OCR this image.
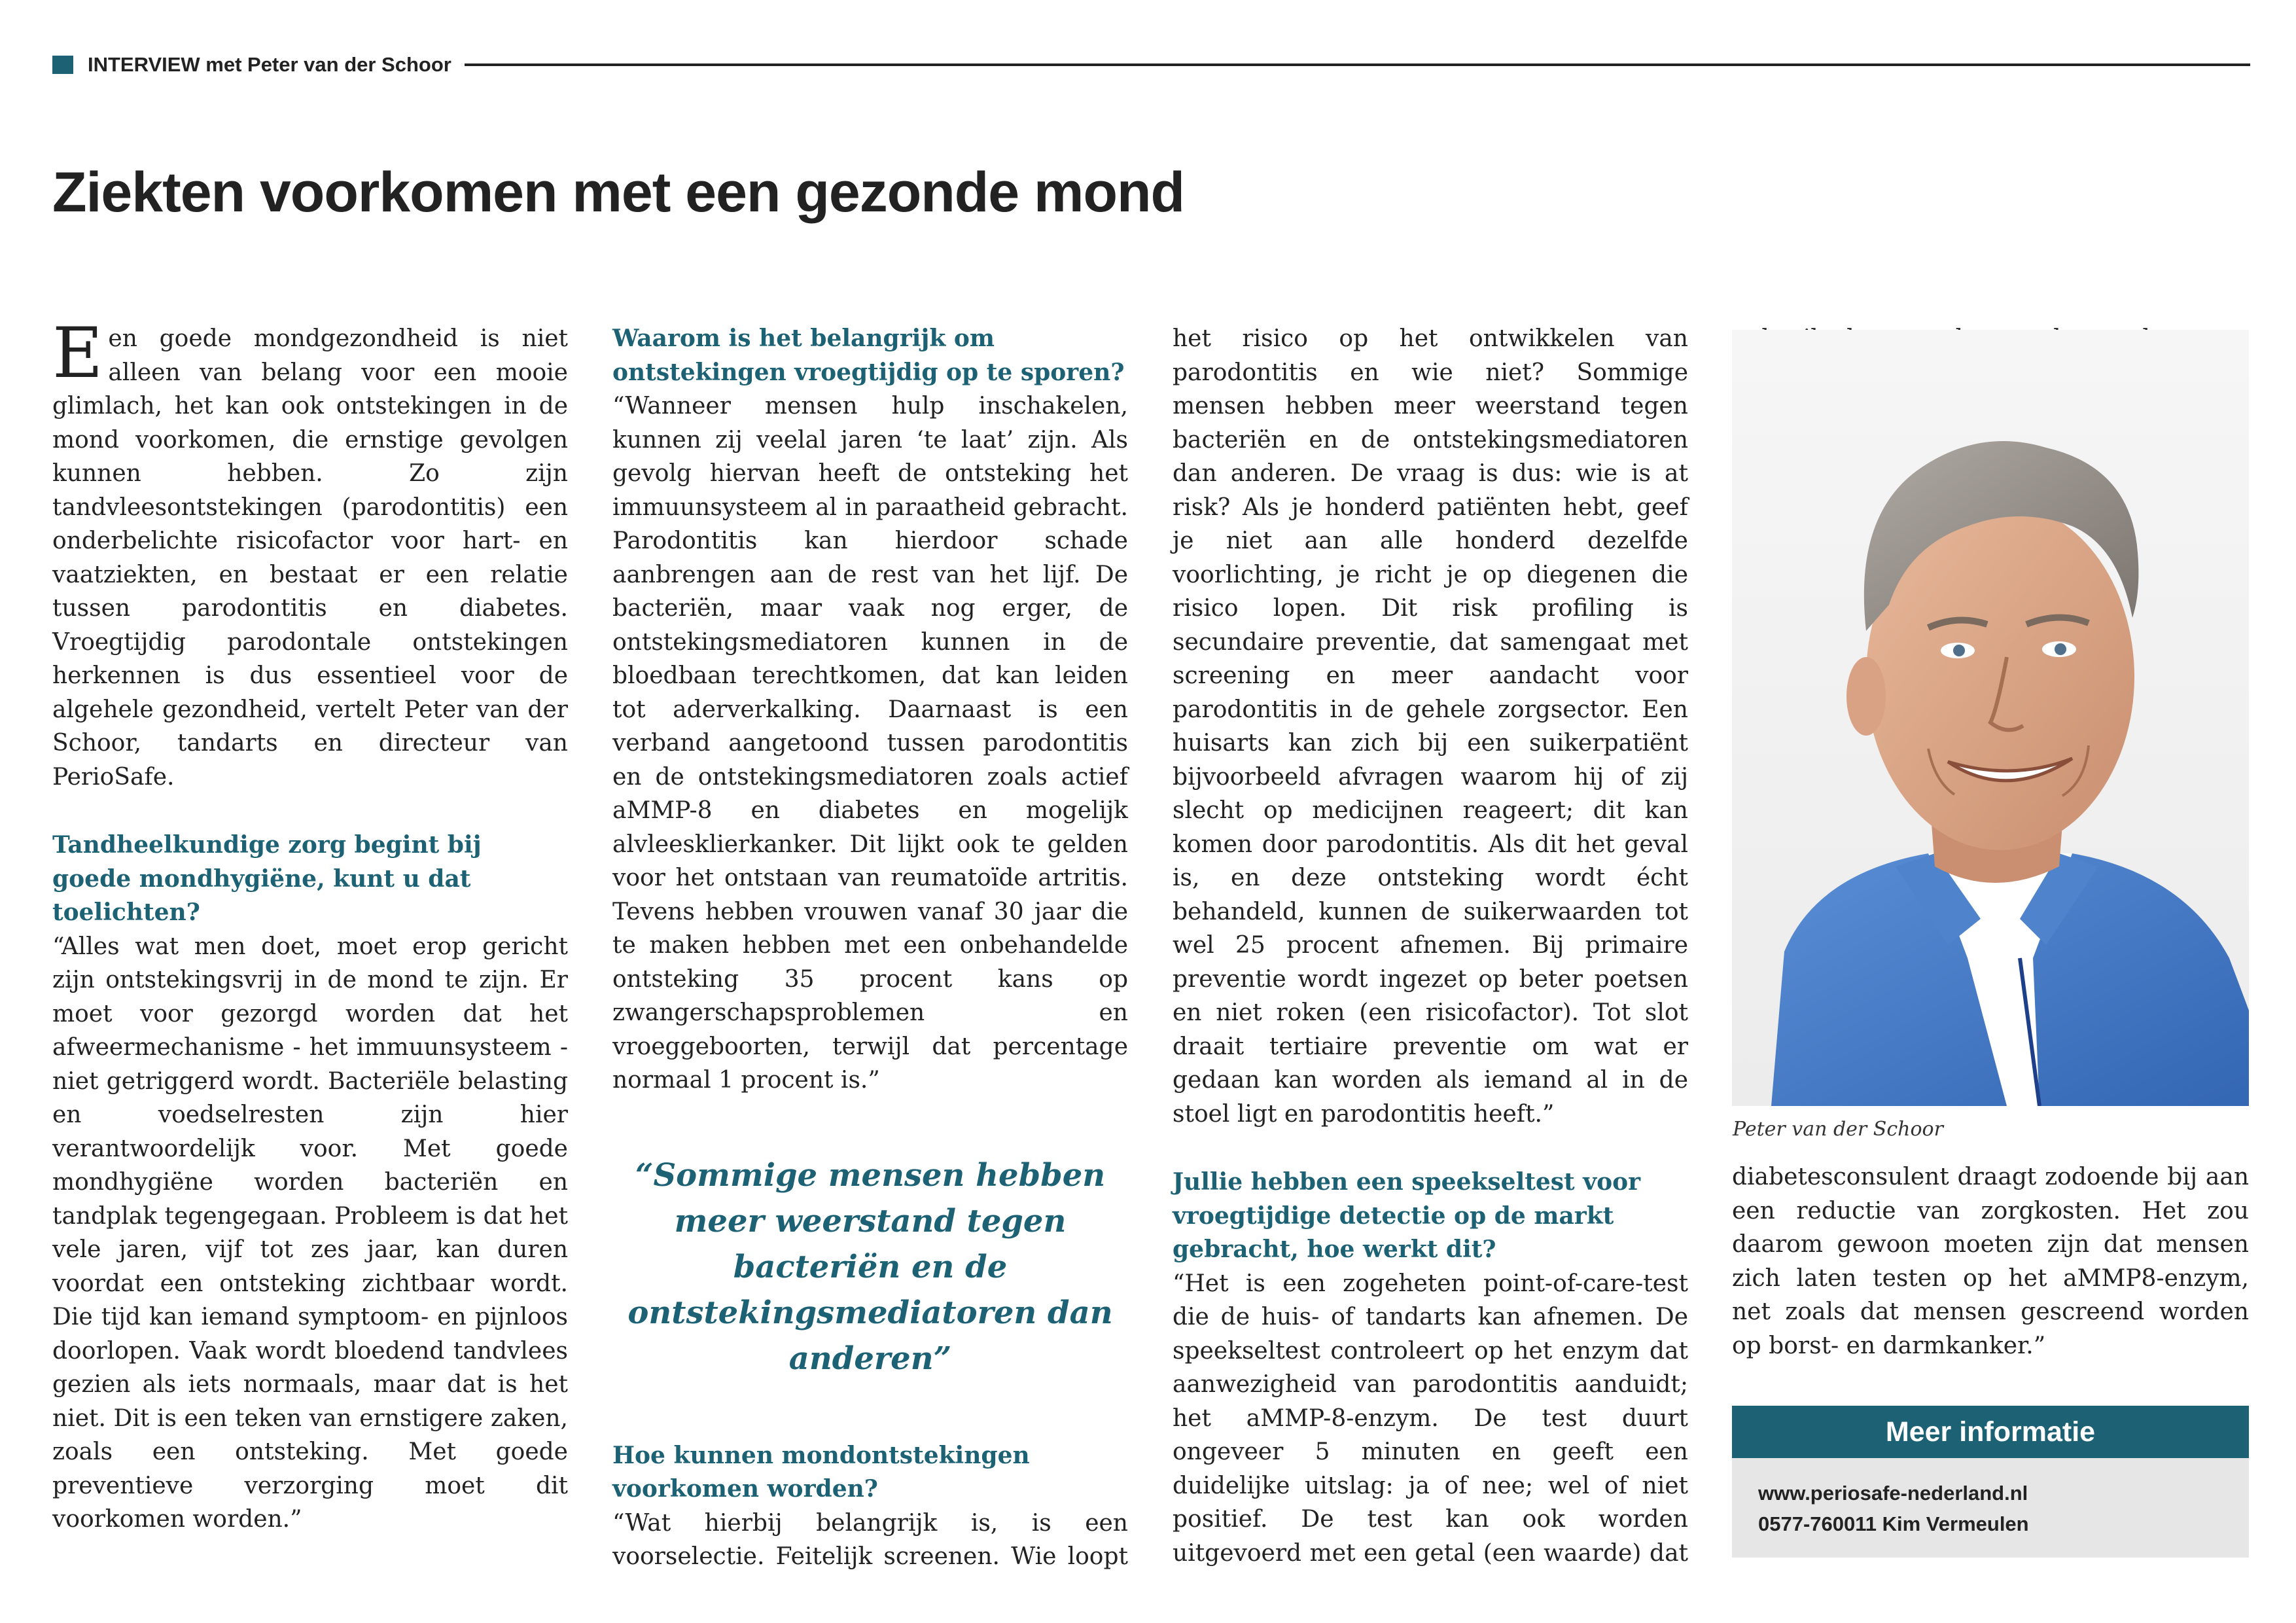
INTERVIEW met Peter van der Schoor
Ziekten voorkomen met een gezonde mond

Een goede mondgezondheid is niet alleen van belang voor een mooie glimlach, het kan ook ontstekingen in de mond voorkomen, die ernstige gevolgen kunnen hebben. Zo zijn tandvleesontstekingen (parodontitis) een onderbelichte risicofactor voor hart- en vaatziekten, en bestaat er een relatie tussen parodontitis en diabetes. Vroegtijdig parodontale ontstekingen herkennen is dus essentieel voor de algehele gezondheid, vertelt Peter van der Schoor, tandarts en directeur van PerioSafe.

Tandheelkundige zorg begint bij goede mondhygiëne, kunt u dat toelichten?

“Alles wat men doet, moet erop gericht zijn ontstekingsvrij in de mond te zijn. Er moet voor gezorgd worden dat het afweermechanisme - het immuunsysteem - niet getriggerd wordt. Bacteriële belasting en voedselresten zijn hier verantwoordelijk voor. Met goede mondhygiëne worden bacteriën en tandplak tegengegaan. Probleem is dat het vele jaren, vijf tot zes jaar, kan duren voordat een ontsteking zichtbaar wordt. Die tijd kan iemand symptoom- en pijnloos doorlopen. Vaak wordt bloedend tandvlees gezien als iets normaals, maar dat is het niet. Dit is een teken van ernstigere zaken, zoals een ontsteking. Met goede preventieve verzorging moet dit voorkomen worden.”

Waarom is het belangrijk om ontstekingen vroegtijdig op te sporen?

“Wanneer mensen hulp inschakelen, kunnen zij veelal jaren ‘te laat’ zijn. Als gevolg hiervan heeft de ontsteking het immuunsysteem al in paraatheid gebracht. Parodontitis kan hierdoor schade aanbrengen aan de rest van het lijf. De bacteriën, maar vaak nog erger, de ontstekingsmediatoren kunnen in de bloedbaan terechtkomen, dat kan leiden tot aderverkalking. Daarnaast is een verband aangetoond tussen parodontitis en de ontstekingsmediatoren zoals actief aMMP-8 en diabetes en mogelijk alvleesklierkanker. Dit lijkt ook te gelden voor het ontstaan van reumatoïde artritis. Tevens hebben vrouwen vanaf 30 jaar die te maken hebben met een onbehandelde ontsteking 35 procent kans op zwangerschapsproblemen en vroeggeboorten, terwijl dat percentage normaal 1 procent is.”

“Sommige mensen hebben meer weerstand tegen bacteriën en de ontstekingsmediatoren dan anderen”

Hoe kunnen mondontstekingen voorkomen worden?

“Wat hierbij belangrijk is, is een voorselectie. Feitelijk screenen. Wie loopt het risico op het ontwikkelen van parodontitis en wie niet? Sommige mensen hebben meer weerstand tegen bacteriën en de ontstekingsmediatoren dan anderen. De vraag is dus: wie is at risk? Als je honderd patiënten hebt, geef je niet aan alle honderd dezelfde voorlichting, je richt je op diegenen die risico lopen. Dit risk profiling is secundaire preventie, dat samengaat met screening en meer aandacht voor parodontitis in de gehele zorgsector. Een huisarts kan zich bij een suikerpatiënt bijvoorbeeld afvragen waarom hij of zij slecht op medicijnen reageert; dit kan komen door parodontitis. Als dit het geval is, en deze ontsteking wordt écht behandeld, kunnen de suikerwaarden tot wel 25 procent afnemen. Bij primaire preventie wordt ingezet op beter poetsen en niet roken (een risicofactor). Tot slot draait tertiaire preventie om wat er gedaan kan worden als iemand al in de stoel ligt en parodontitis heeft.”

Jullie hebben een speekseltest voor vroegtijdige detectie op de markt gebracht, hoe werkt dit?

“Het is een zogeheten point-of-care-test die de huis- of tandarts kan afnemen. De speekseltest controleert op het enzym dat aanwezigheid van parodontitis aanduidt; het aMMP-8-enzym. De test duurt ongeveer 5 minuten en geeft een duidelijke uitslag: ja of nee; wel of niet positief. De test kan ook worden uitgevoerd met een getal (een waarde) dat

Peter van der Schoor

diabetesconsulent draagt zodoende bij aan een reductie van zorgkosten. Het zou daarom gewoon moeten zijn dat mensen zich laten testen op het aMMP8-enzym, net zoals dat mensen gescreend worden op borst- en darmkanker.”

Meer informatie
www.periosafe-nederland.nl
0577-760011 Kim Vermeulen
